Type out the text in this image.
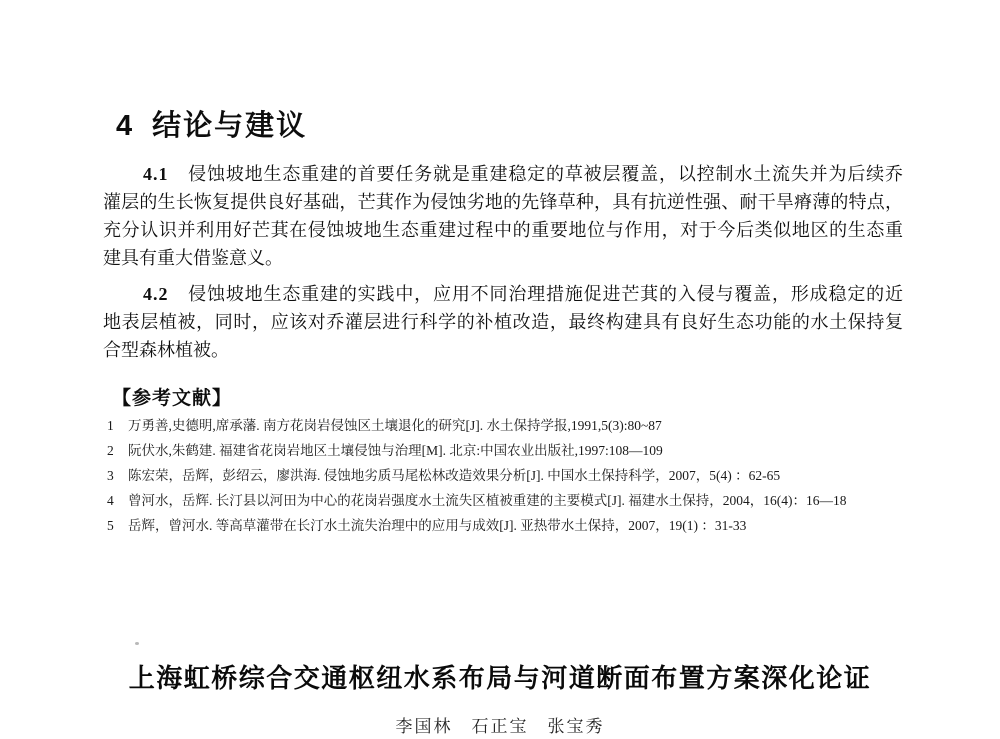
4 结论与建议
4.1　侵蚀坡地生态重建的首要任务就是重建稳定的草被层覆盖，以控制水土流失并为后续乔
灌层的生长恢复提供良好基础，芒萁作为侵蚀劣地的先锋草种，具有抗逆性强、耐干旱瘠薄的特点，
充分认识并利用好芒萁在侵蚀坡地生态重建过程中的重要地位与作用，对于今后类似地区的生态重
建具有重大借鉴意义。
4.2　侵蚀坡地生态重建的实践中，应用不同治理措施促进芒萁的入侵与覆盖，形成稳定的近
地表层植被，同时，应该对乔灌层进行科学的补植改造，最终构建具有良好生态功能的水土保持复
合型森林植被。
【参考文献】
1	万勇善,史德明,席承藩. 南方花岗岩侵蚀区土壤退化的研究[J]. 水土保持学报,1991,5(3):80~87
2	阮伏水,朱鹤建. 福建省花岗岩地区土壤侵蚀与治理[M]. 北京:中国农业出版社,1997:108—109
3	陈宏荣，岳辉，彭绍云，廖洪海. 侵蚀地劣质马尾松林改造效果分析[J]. 中国水土保持科学，2007，5(4) ：62-65
4	曾河水，岳辉. 长汀县以河田为中心的花岗岩强度水土流失区植被重建的主要模式[J]. 福建水土保持，2004，16(4)：16—18
5	岳辉，曾河水. 等高草灌带在长汀水土流失治理中的应用与成效[J]. 亚热带水土保持，2007，19(1) ：31-33
上海虹桥综合交通枢纽水系布局与河道断面布置方案深化论证
李国林　石正宝　张宝秀
